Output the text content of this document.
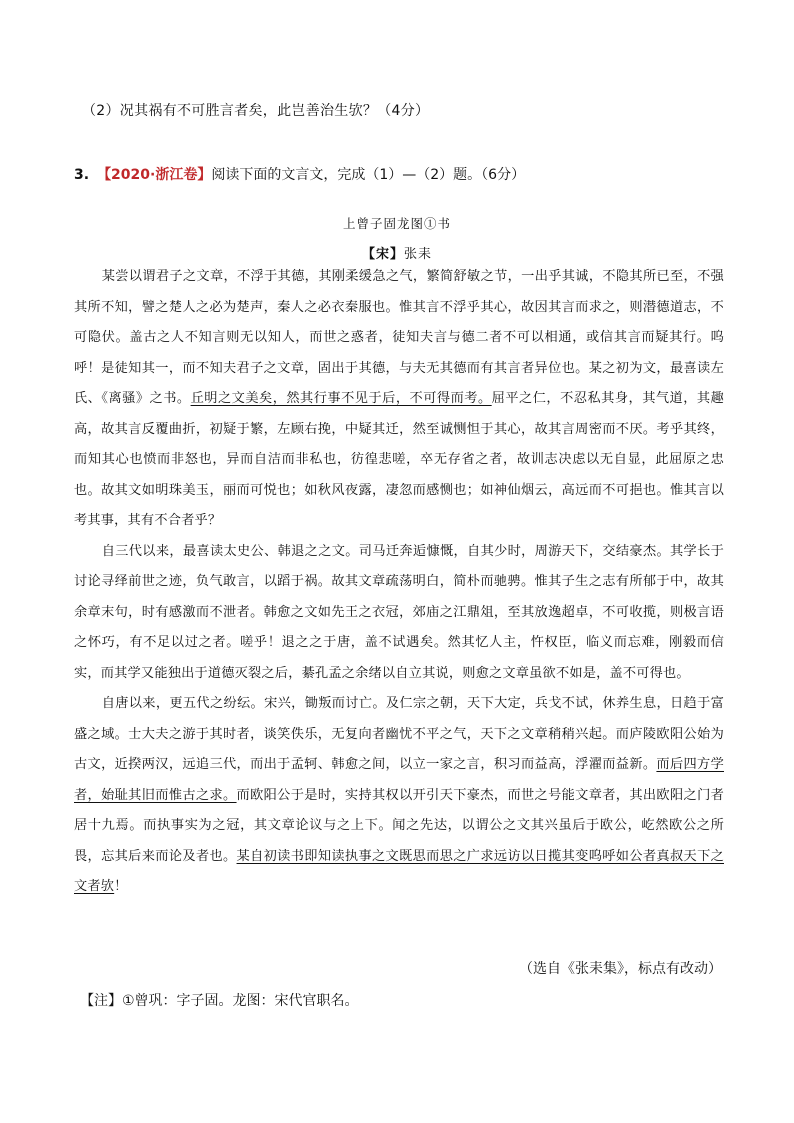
（2）况其祸有不可胜言者矣，此岂善治生欤？（4分）
3. 【2020·浙江卷】阅读下面的文言文，完成（1）—（2）题。（6分）
上曾子固龙图①书
【宋】张耒

某尝以谓君子之文章，不浮于其德，其刚柔缓急之气，繁简舒敏之节，一出乎其诚，不隐其所已至，不强其所不知，譬之楚人之必为楚声，秦人之必衣秦服也。惟其言不浮乎其心，故因其言而求之，则潜德道志，不可隐伏。盖古之人不知言则无以知人，而世之惑者，徒知夫言与德二者不可以相通，或信其言而疑其行。呜呼！是徒知其一，而不知夫君子之文章，固出于其德，与夫无其德而有其言者异位也。某之初为文，最喜读左氏、《离骚》之书。丘明之文美矣，然其行事不见于后，不可得而考。屈平之仁，不忍私其身，其气道，其趣高，故其言反覆曲折，初疑于繁，左顾右挽，中疑其迁，然至诚恻怛于其心，故其言周密而不厌。考乎其终，而知其心也愤而非怒也，异而自洁而非私也，彷徨悲嗟，卒无存省之者，故训志决虑以无自显，此屈原之忠也。故其文如明珠美玉，丽而可悦也；如秋风夜露，凄忽而感恻也；如神仙烟云，高远而不可挹也。惟其言以考其事，其有不合者乎？

自三代以来，最喜读太史公、韩退之之文。司马迁奔逅慷慨，自其少时，周游天下，交结豪杰。其学长于讨论寻绎前世之迹，负气敢言，以蹈于祸。故其文章疏荡明白，简朴而驰骋。惟其子生之志有所郁于中，故其余章末句，时有感激而不泄者。韩愈之文如先王之衣冠，郊庙之江鼎俎，至其放逸超卓，不可收揽，则极言语之怀巧，有不足以过之者。嗟乎！退之之于唐，盖不试遇矣。然其忆人主，忤权臣，临义而忘难，刚毅而信实，而其学又能独出于道德灭裂之后，綦孔孟之余绪以自立其说，则愈之文章虽欲不如是，盖不可得也。

自唐以来，更五代之纷纭。宋兴，锄叛而讨亡。及仁宗之朝，天下大定，兵戈不试，休养生息，日趋于富盛之域。士大夫之游于其时者，谈笑佚乐，无复向者幽忧不平之气，天下之文章稍稍兴起。而庐陵欧阳公始为古文，近揆两汉，远追三代，而出于孟轲、韩愈之间，以立一家之言，积习而益高，浮濯而益新。而后四方学者，始耻其旧而惟古之求。而欧阳公于是时，实持其权以开引天下豪杰，而世之号能文章者，其出欧阳之门者居十九焉。而执事实为之冠，其文章论议与之上下。闻之先达，以谓公之文其兴虽后于欧公，屹然欧公之所畏，忘其后来而论及者也。某自初读书即知读执事之文既思而思之广求远访以日揽其变呜呼如公者真叔天下之文者欤！

（选自《张耒集》，标点有改动）
【注】①曾巩：字子固。龙图：宋代官职名。
